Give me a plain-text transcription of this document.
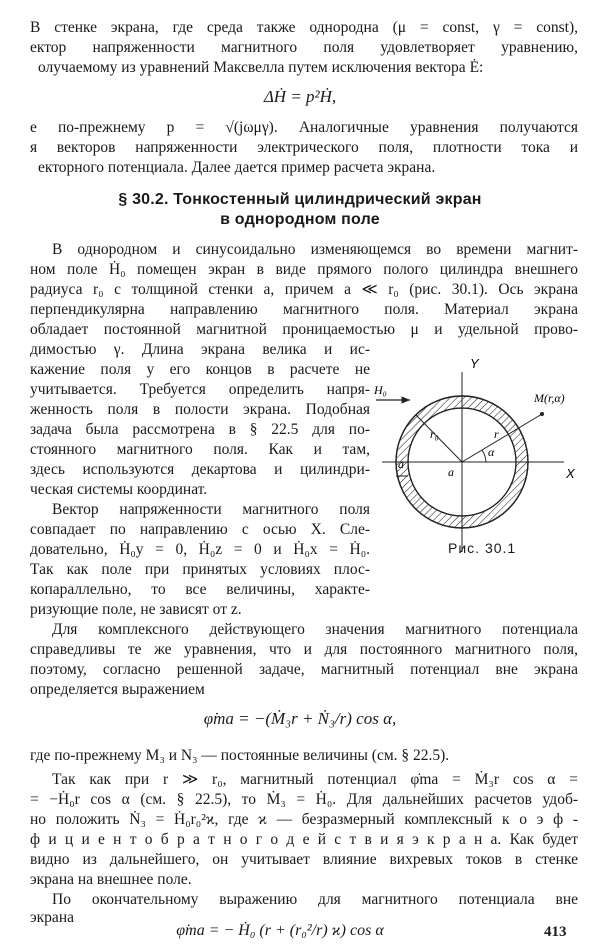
В стенке экрана, где среда также однородна (μ = const, γ = const),
ектор напряженности магнитного поля удовлетворяет уравнению,
олучаемому из уравнений Максвелла путем исключения вектора Ė:
ΔḢ = p²Ḣ,
е по-прежнему p = √(jωμγ). Аналогичные уравнения получаются
я векторов напряженности электрического поля, плотности тока и
екторного потенциала. Далее дается пример расчета экрана.
§ 30.2. Тонкостенный цилиндрический экран
в однородном поле
В однородном и синусоидально изменяющемся во времени магнит-
ном поле Ḣ₀ помещен экран в виде прямого полого цилиндра внешнего
радиуса r₀ с толщиной стенки a, причем a ≪ r₀ (рис. 30.1). Ось экрана
перпендикулярна направлению магнитного поля. Материал экрана
обладает постоянной магнитной проницаемостью μ и удельной прово-
димостью γ. Длина экрана велика и ис-
кажение поля у его концов в расчете не
учитывается. Требуется определить напря-
женность поля в полости экрана. Подобная
задача была рассмотрена в § 22.5 для по-
стоянного магнитного поля. Как и там,
здесь используются декартова и цилиндри-
ческая системы координат.
Вектор напряженности магнитного поля
совпадает по направлению с осью X. Сле-
довательно, Ḣ₀y = 0, Ḣ₀z = 0 и Ḣ₀x = Ḣ₀.
Так как поле при принятых условиях плос-
копараллельно, то все величины, характе-
ризующие поле, не зависят от z.
Y
X
H₀
M(r,α)
r₀	r
a
a
α
Рис. 30.1
Для комплексного действующего значения магнитного потенциала
справедливы те же уравнения, что и для постоянного магнитного поля,
поэтому, согласно решенной задаче, магнитный потенциал вне экрана
определяется выражением
φ̇ma = −(Ṁ₃r + Ṅ₃/r) cos α,
где по-прежнему M₃ и N₃ — постоянные величины (см. § 22.5).
Так как при r ≫ r₀, магнитный потенциал φ̇ma = Ṁ₃r cos α =
= −Ḣ₀r cos α (см. § 22.5), то Ṁ₃ = Ḣ₀. Для дальнейших расчетов удоб-
но положить Ṅ₃ = Ḣ₀r₀²ϰ, где ϰ — безразмерный комплексный к о э ф -
ф и ц и е н т о б р а т н о г о д е й с т в и я э к р а н а. Как будет
видно из дальнейшего, он учитывает влияние вихревых токов в стенке
экрана на внешнее поле.
По окончательному выражению для магнитного потенциала вне
экрана
φ̇ma = − Ḣ₀ (r + (r₀²/r) ϰ) cos α	413
